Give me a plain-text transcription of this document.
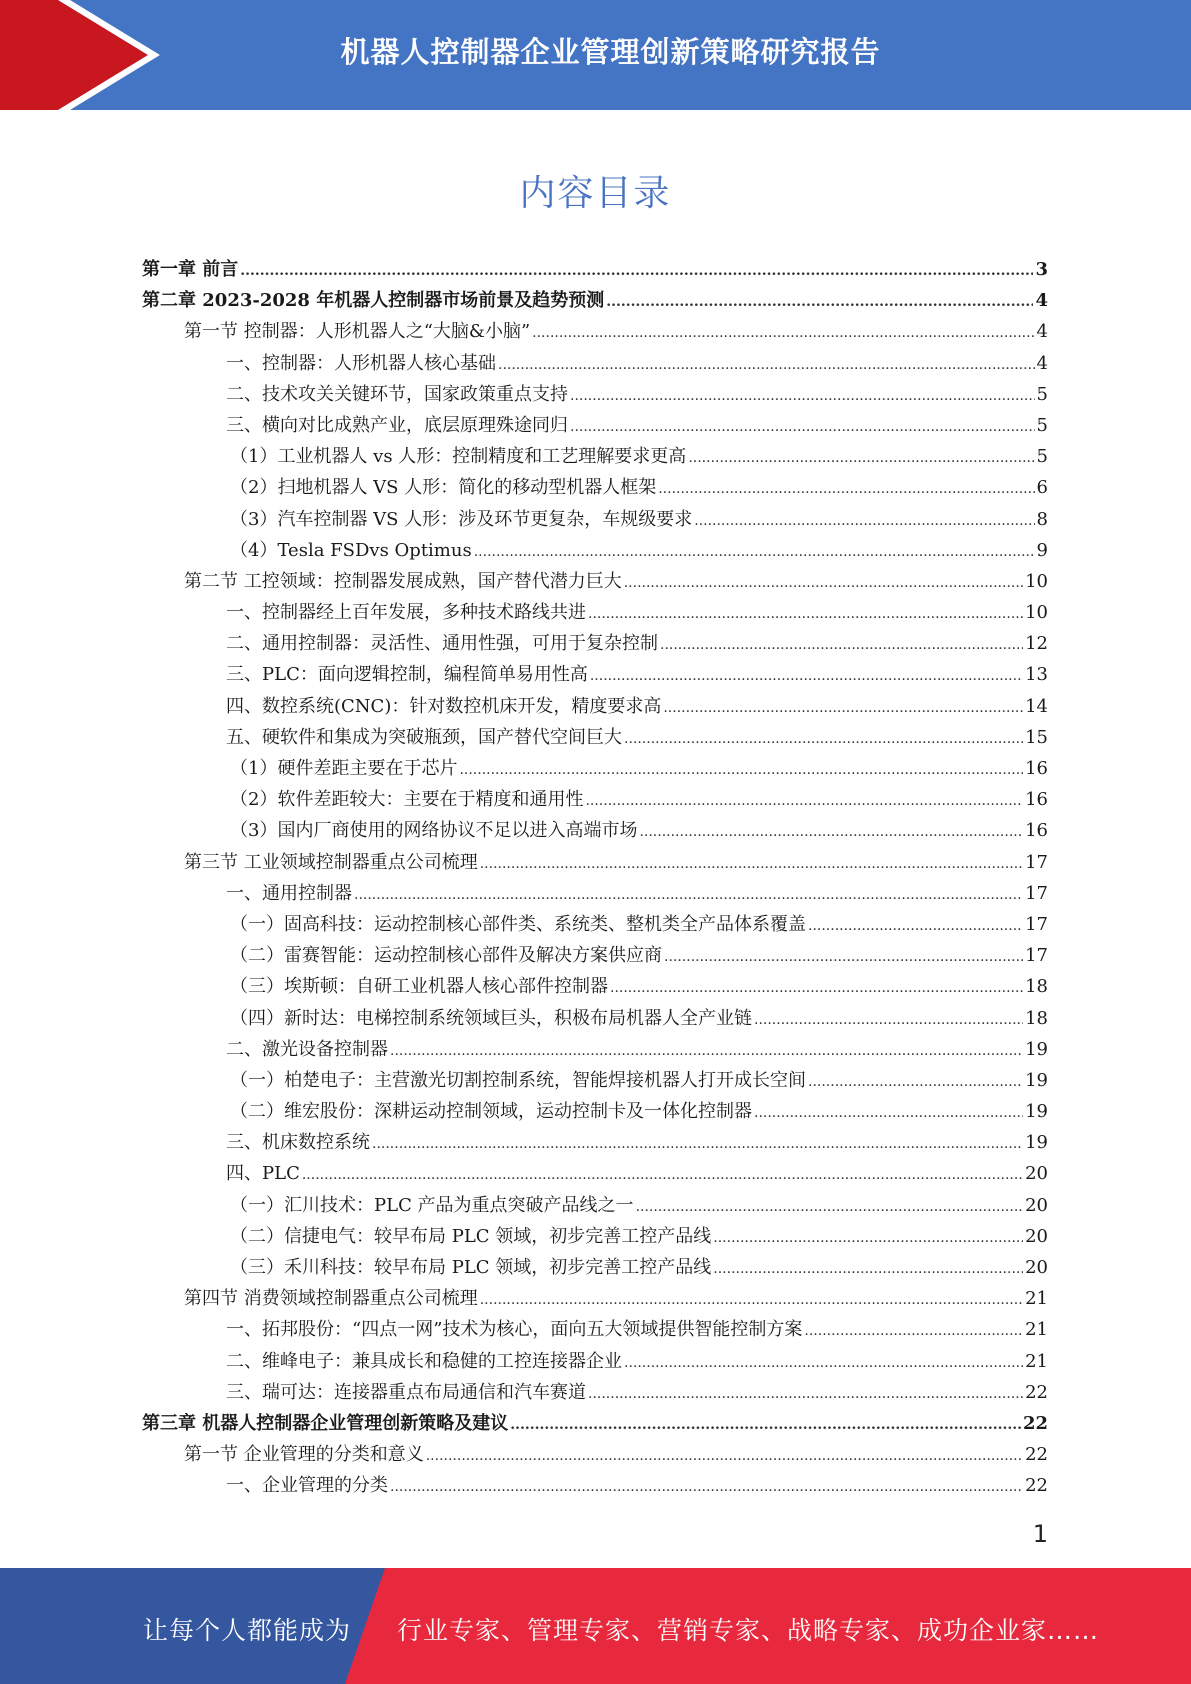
机器人控制器企业管理创新策略研究报告
内容目录
第一章 前言 .....	3
第二章 2023-2028 年机器人控制器市场前景及趋势预测 .....	4
第一节 控制器：人形机器人之“大脑&小脑” .....	4
一、控制器：人形机器人核心基础 .....	4
二、技术攻关关键环节，国家政策重点支持 .....	5
三、横向对比成熟产业，底层原理殊途同归 .....	5
（1）工业机器人 vs 人形：控制精度和工艺理解要求更高 .....	5
（2）扫地机器人 VS 人形：简化的移动型机器人框架 .....	6
（3）汽车控制器 VS 人形：涉及环节更复杂，车规级要求 .....	8
（4）Tesla FSDvs Optimus .....	9
第二节 工控领域：控制器发展成熟，国产替代潜力巨大 .....	10
一、控制器经上百年发展，多种技术路线共进 .....	10
二、通用控制器：灵活性、通用性强，可用于复杂控制 .....	12
三、PLC：面向逻辑控制，编程简单易用性高 .....	13
四、数控系统(CNC)：针对数控机床开发，精度要求高 .....	14
五、硬软件和集成为突破瓶颈，国产替代空间巨大 .....	15
（1）硬件差距主要在于芯片 .....	16
（2）软件差距较大：主要在于精度和通用性 .....	16
（3）国内厂商使用的网络协议不足以进入高端市场 .....	16
第三节 工业领域控制器重点公司梳理 .....	17
一、通用控制器 .....	17
（一）固高科技：运动控制核心部件类、系统类、整机类全产品体系覆盖 .....	17
（二）雷赛智能：运动控制核心部件及解决方案供应商 .....	17
（三）埃斯顿：自研工业机器人核心部件控制器 .....	18
（四）新时达：电梯控制系统领域巨头，积极布局机器人全产业链 .....	18
二、激光设备控制器 .....	19
（一）柏楚电子：主营激光切割控制系统，智能焊接机器人打开成长空间 .....	19
（二）维宏股份：深耕运动控制领域，运动控制卡及一体化控制器 .....	19
三、机床数控系统 .....	19
四、PLC .....	20
（一）汇川技术：PLC 产品为重点突破产品线之一 .....	20
（二）信捷电气：较早布局 PLC 领域，初步完善工控产品线 .....	20
（三）禾川科技：较早布局 PLC 领域，初步完善工控产品线 .....	20
第四节 消费领域控制器重点公司梳理 .....	21
一、拓邦股份：“四点一网”技术为核心，面向五大领域提供智能控制方案 .....	21
二、维峰电子：兼具成长和稳健的工控连接器企业 .....	21
三、瑞可达：连接器重点布局通信和汽车赛道 .....	22
第三章 机器人控制器企业管理创新策略及建议 .....	22
第一节 企业管理的分类和意义 .....	22
一、企业管理的分类 .....	22
1
让每个人都能成为 行业专家、管理专家、营销专家、战略专家、成功企业家……
